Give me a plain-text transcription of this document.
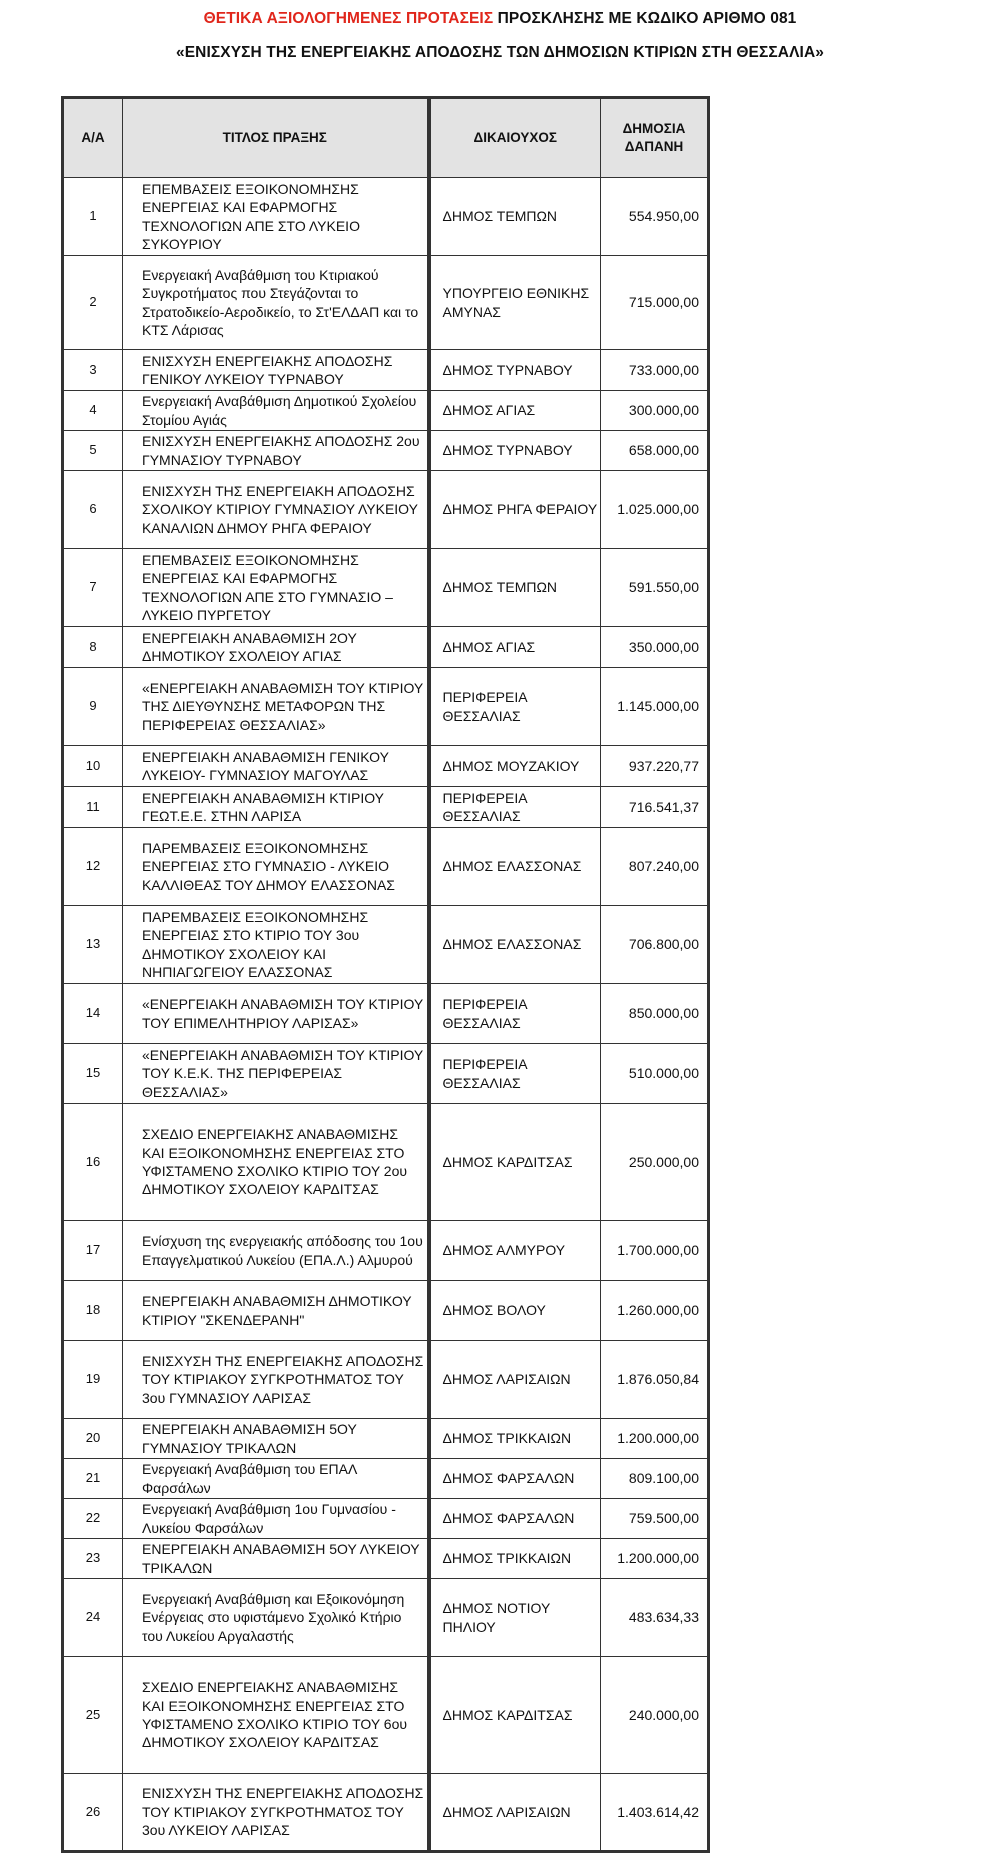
ΘΕΤΙΚΑ ΑΞΙΟΛΟΓΗΜΕΝΕΣ ΠΡΟΤΑΣΕΙΣ ΠΡΟΣΚΛΗΣΗΣ ΜΕ ΚΩΔΙΚΟ ΑΡΙΘΜΟ 081
«ΕΝΙΣΧΥΣΗ ΤΗΣ ΕΝΕΡΓΕΙΑΚΗΣ ΑΠΟΔΟΣΗΣ ΤΩΝ ΔΗΜΟΣΙΩΝ ΚΤΙΡΙΩΝ ΣΤΗ ΘΕΣΣΑΛΙΑ»
Α/Α	ΤΙΤΛΟΣ ΠΡΑΞΗΣ	ΔΙΚΑΙΟΥΧΟΣ	ΔΗΜΟΣΙΑ ΔΑΠΑΝΗ
1	ΕΠΕΜΒΑΣΕΙΣ ΕΞΟΙΚΟΝΟΜΗΣΗΣ ΕΝΕΡΓΕΙΑΣ ΚΑΙ ΕΦΑΡΜΟΓΗΣ ΤΕΧΝΟΛΟΓΙΩΝ ΑΠΕ ΣΤΟ ΛΥΚΕΙΟ ΣΥΚΟΥΡΙΟΥ	ΔΗΜΟΣ ΤΕΜΠΩΝ	554.950,00
2	Ενεργειακή Αναβάθμιση του Κτιριακού Συγκροτήματος που Στεγάζονται το Στρατοδικείο-Αεροδικείο, το Στ'ΕΛΔΑΠ και το ΚΤΣ Λάρισας	ΥΠΟΥΡΓΕΙΟ ΕΘΝΙΚΗΣ ΑΜΥΝΑΣ	715.000,00
3	ΕΝΙΣΧΥΣΗ ΕΝΕΡΓΕΙΑΚΗΣ ΑΠΟΔΟΣΗΣ ΓΕΝΙΚΟΥ ΛΥΚΕΙΟΥ ΤΥΡΝΑΒΟΥ	ΔΗΜΟΣ ΤΥΡΝΑΒΟΥ	733.000,00
4	Ενεργειακή Αναβάθμιση Δημοτικού Σχολείου Στομίου Αγιάς	ΔΗΜΟΣ ΑΓΙΑΣ	300.000,00
5	ΕΝΙΣΧΥΣΗ ΕΝΕΡΓΕΙΑΚΗΣ ΑΠΟΔΟΣΗΣ 2ου ΓΥΜΝΑΣΙΟΥ ΤΥΡΝΑΒΟΥ	ΔΗΜΟΣ ΤΥΡΝΑΒΟΥ	658.000,00
6	ΕΝΙΣΧΥΣΗ ΤΗΣ ΕΝΕΡΓΕΙΑΚΗ ΑΠΟΔΟΣΗΣ ΣΧΟΛΙΚΟΥ ΚΤΙΡΙΟΥ ΓΥΜΝΑΣΙΟΥ ΛΥΚΕΙΟΥ ΚΑΝΑΛΙΩΝ ΔΗΜΟΥ ΡΗΓΑ ΦΕΡΑΙΟΥ	ΔΗΜΟΣ ΡΗΓΑ ΦΕΡΑΙΟΥ	1.025.000,00
7	ΕΠΕΜΒΑΣΕΙΣ ΕΞΟΙΚΟΝΟΜΗΣΗΣ ΕΝΕΡΓΕΙΑΣ ΚΑΙ ΕΦΑΡΜΟΓΗΣ ΤΕΧΝΟΛΟΓΙΩΝ ΑΠΕ ΣΤΟ ΓΥΜΝΑΣΙΟ – ΛΥΚΕΙΟ ΠΥΡΓΕΤΟΥ	ΔΗΜΟΣ ΤΕΜΠΩΝ	591.550,00
8	ΕΝΕΡΓΕΙΑΚΗ ΑΝΑΒΑΘΜΙΣΗ 2ΟΥ ΔΗΜΟΤΙΚΟΥ ΣΧΟΛΕΙΟΥ ΑΓΙΑΣ	ΔΗΜΟΣ ΑΓΙΑΣ	350.000,00
9	«ΕΝΕΡΓΕΙΑΚΗ ΑΝΑΒΑΘΜΙΣΗ ΤΟΥ ΚΤΙΡΙΟΥ ΤΗΣ ΔΙΕΥΘΥΝΣΗΣ ΜΕΤΑΦΟΡΩΝ ΤΗΣ ΠΕΡΙΦΕΡΕΙΑΣ ΘΕΣΣΑΛΙΑΣ»	ΠΕΡΙΦΕΡΕΙΑ ΘΕΣΣΑΛΙΑΣ	1.145.000,00
10	ΕΝΕΡΓΕΙΑΚΗ ΑΝΑΒΑΘΜΙΣΗ ΓΕΝΙΚΟΥ ΛΥΚΕΙΟΥ- ΓΥΜΝΑΣΙΟΥ ΜΑΓΟΥΛΑΣ	ΔΗΜΟΣ ΜΟΥΖΑΚΙΟΥ	937.220,77
11	ΕΝΕΡΓΕΙΑΚΗ ΑΝΑΒΑΘΜΙΣΗ ΚΤΙΡΙΟΥ ΓΕΩΤ.Ε.Ε. ΣΤΗΝ ΛΑΡΙΣΑ	ΠΕΡΙΦΕΡΕΙΑ ΘΕΣΣΑΛΙΑΣ	716.541,37
12	ΠΑΡΕΜΒΑΣΕΙΣ ΕΞΟΙΚΟΝΟΜΗΣΗΣ ΕΝΕΡΓΕΙΑΣ ΣΤΟ ΓΥΜΝΑΣΙΟ - ΛΥΚΕΙΟ ΚΑΛΛΙΘΕΑΣ ΤΟΥ ΔΗΜΟΥ ΕΛΑΣΣΟΝΑΣ	ΔΗΜΟΣ ΕΛΑΣΣΟΝΑΣ	807.240,00
13	ΠΑΡΕΜΒΑΣΕΙΣ ΕΞΟΙΚΟΝΟΜΗΣΗΣ ΕΝΕΡΓΕΙΑΣ ΣΤΟ ΚΤΙΡΙΟ ΤΟΥ 3ου ΔΗΜΟΤΙΚΟΥ ΣΧΟΛΕΙΟΥ ΚΑΙ ΝΗΠΙΑΓΩΓΕΙΟΥ ΕΛΑΣΣΟΝΑΣ	ΔΗΜΟΣ ΕΛΑΣΣΟΝΑΣ	706.800,00
14	«ΕΝΕΡΓΕΙΑΚΗ ΑΝΑΒΑΘΜΙΣΗ ΤΟΥ ΚΤΙΡΙΟΥ ΤΟΥ ΕΠΙΜΕΛΗΤΗΡΙΟΥ ΛΑΡΙΣΑΣ»	ΠΕΡΙΦΕΡΕΙΑ ΘΕΣΣΑΛΙΑΣ	850.000,00
15	«ΕΝΕΡΓΕΙΑΚΗ ΑΝΑΒΑΘΜΙΣΗ ΤΟΥ ΚΤΙΡΙΟΥ ΤΟΥ Κ.Ε.Κ. ΤΗΣ ΠΕΡΙΦΕΡΕΙΑΣ ΘΕΣΣΑΛΙΑΣ»	ΠΕΡΙΦΕΡΕΙΑ ΘΕΣΣΑΛΙΑΣ	510.000,00
16	ΣΧΕΔΙΟ ΕΝΕΡΓΕΙΑΚΗΣ ΑΝΑΒΑΘΜΙΣΗΣ ΚΑΙ ΕΞΟΙΚΟΝΟΜΗΣΗΣ ΕΝΕΡΓΕΙΑΣ ΣΤΟ ΥΦΙΣΤΑΜΕΝΟ ΣΧΟΛΙΚΟ ΚΤΙΡΙΟ ΤΟΥ 2ου ΔΗΜΟΤΙΚΟΥ ΣΧΟΛΕΙΟΥ ΚΑΡΔΙΤΣΑΣ	ΔΗΜΟΣ ΚΑΡΔΙΤΣΑΣ	250.000,00
17	Ενίσχυση της ενεργειακής απόδοσης του 1ου Επαγγελματικού Λυκείου (ΕΠΑ.Λ.) Αλμυρού	ΔΗΜΟΣ ΑΛΜΥΡΟΥ	1.700.000,00
18	ΕΝΕΡΓΕΙΑΚΗ ΑΝΑΒΑΘΜΙΣΗ ΔΗΜΟΤΙΚΟΥ ΚΤΙΡΙΟΥ "ΣΚΕΝΔΕΡΑΝΗ"	ΔΗΜΟΣ ΒΟΛΟΥ	1.260.000,00
19	ΕΝΙΣΧΥΣΗ ΤΗΣ ΕΝΕΡΓΕΙΑΚΗΣ ΑΠΟΔΟΣΗΣ ΤΟΥ ΚΤΙΡΙΑΚΟΥ ΣΥΓΚΡΟΤΗΜΑΤΟΣ ΤΟΥ 3ου ΓΥΜΝΑΣΙΟΥ ΛΑΡΙΣΑΣ	ΔΗΜΟΣ ΛΑΡΙΣΑΙΩΝ	1.876.050,84
20	ΕΝΕΡΓΕΙΑΚΗ ΑΝΑΒΑΘΜΙΣΗ 5ΟΥ ΓΥΜΝΑΣΙΟΥ ΤΡΙΚΑΛΩΝ	ΔΗΜΟΣ ΤΡΙΚΚΑΙΩΝ	1.200.000,00
21	Ενεργειακή Αναβάθμιση του ΕΠΑΛ Φαρσάλων	ΔΗΜΟΣ ΦΑΡΣΑΛΩΝ	809.100,00
22	Ενεργειακή Αναβάθμιση 1ου Γυμνασίου - Λυκείου Φαρσάλων	ΔΗΜΟΣ ΦΑΡΣΑΛΩΝ	759.500,00
23	ΕΝΕΡΓΕΙΑΚΗ ΑΝΑΒΑΘΜΙΣΗ 5ΟΥ ΛΥΚΕΙΟΥ ΤΡΙΚΑΛΩΝ	ΔΗΜΟΣ ΤΡΙΚΚΑΙΩΝ	1.200.000,00
24	Ενεργειακή Αναβάθμιση και Εξοικονόμηση Ενέργειας στο υφιστάμενο Σχολικό Κτήριο του Λυκείου Αργαλαστής	ΔΗΜΟΣ ΝΟΤΙΟΥ ΠΗΛΙΟΥ	483.634,33
25	ΣΧΕΔΙΟ ΕΝΕΡΓΕΙΑΚΗΣ ΑΝΑΒΑΘΜΙΣΗΣ ΚΑΙ ΕΞΟΙΚΟΝΟΜΗΣΗΣ ΕΝΕΡΓΕΙΑΣ ΣΤΟ ΥΦΙΣΤΑΜΕΝΟ ΣΧΟΛΙΚΟ ΚΤΙΡΙΟ ΤΟΥ 6ου ΔΗΜΟΤΙΚΟΥ ΣΧΟΛΕΙΟΥ ΚΑΡΔΙΤΣΑΣ	ΔΗΜΟΣ ΚΑΡΔΙΤΣΑΣ	240.000,00
26	ΕΝΙΣΧΥΣΗ ΤΗΣ ΕΝΕΡΓΕΙΑΚΗΣ ΑΠΟΔΟΣΗΣ ΤΟΥ ΚΤΙΡΙΑΚΟΥ ΣΥΓΚΡΟΤΗΜΑΤΟΣ ΤΟΥ 3ου ΛΥΚΕΙΟΥ ΛΑΡΙΣΑΣ	ΔΗΜΟΣ ΛΑΡΙΣΑΙΩΝ	1.403.614,42
